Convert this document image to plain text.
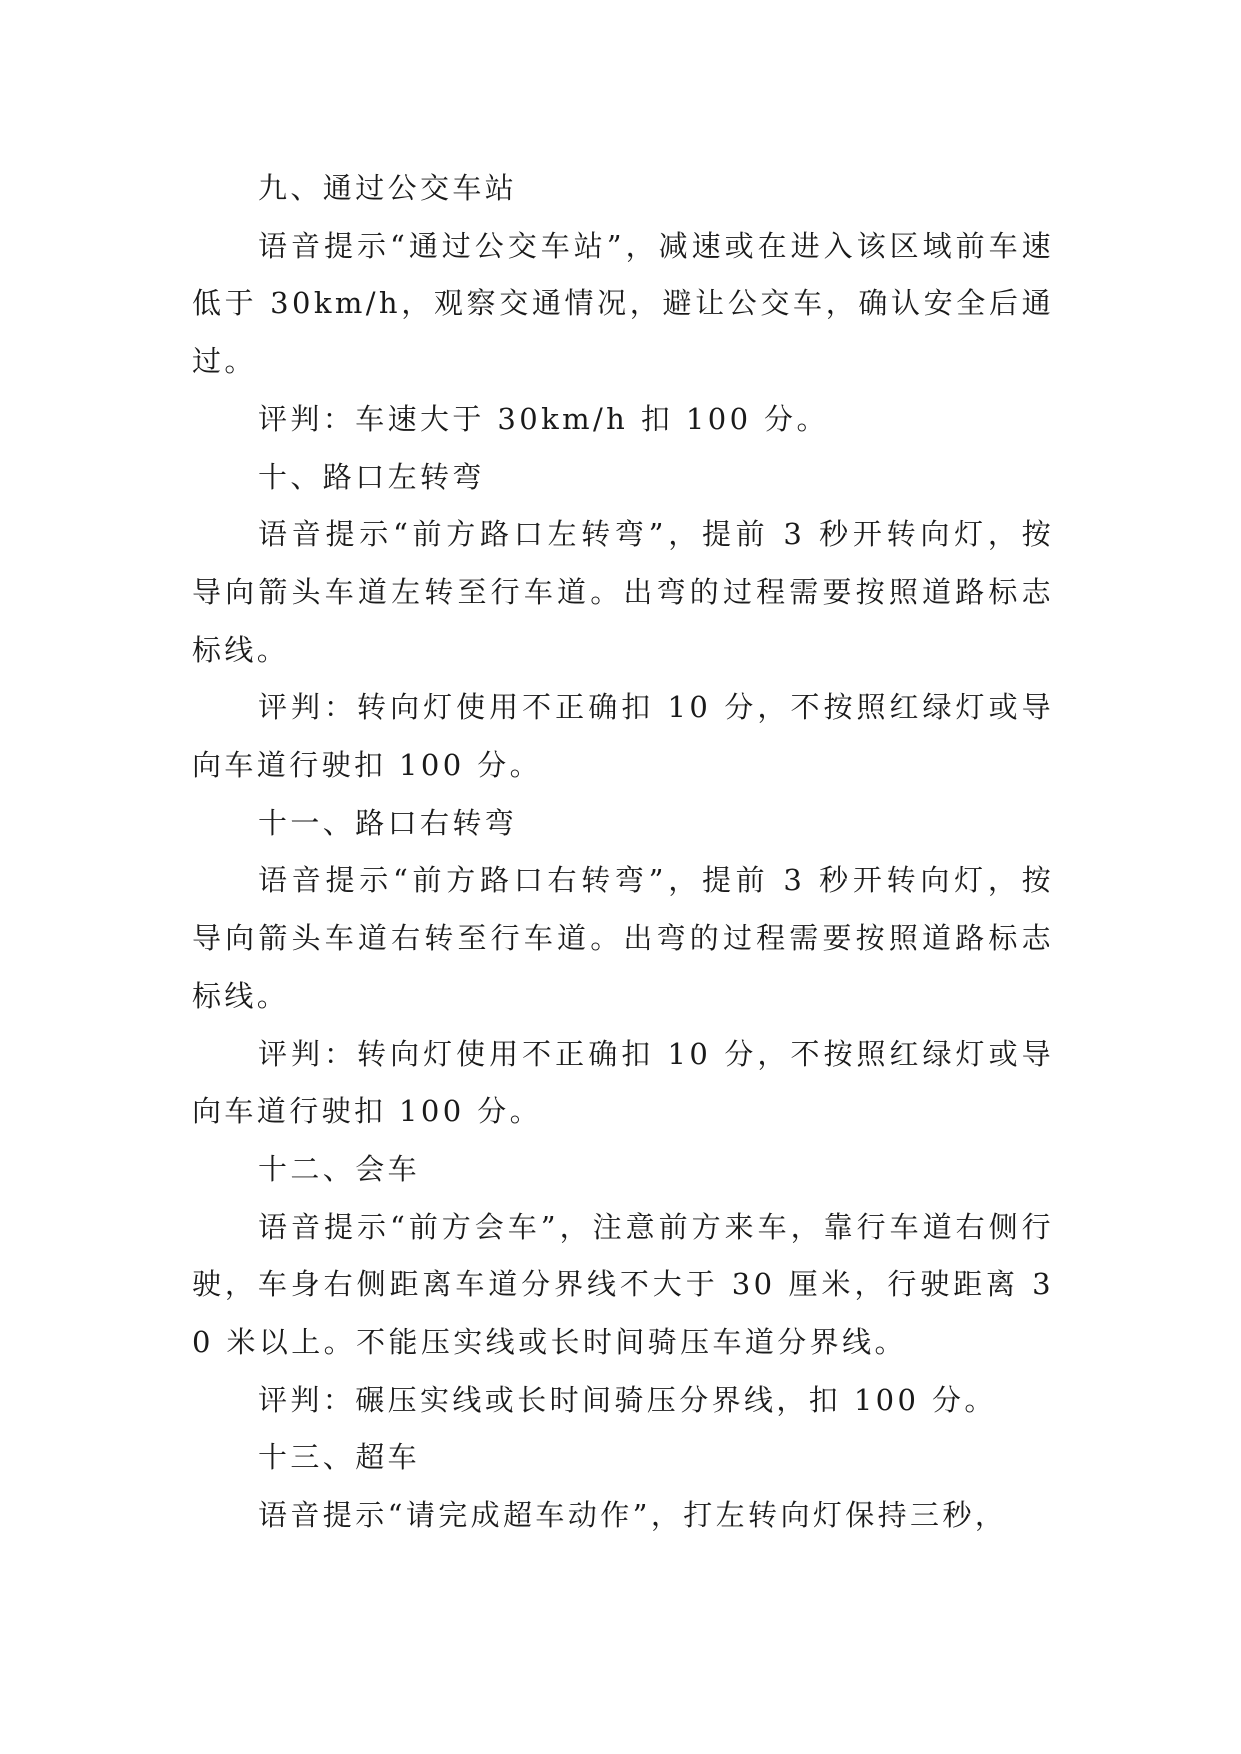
九、通过公交车站

语音提示“通过公交车站”，减速或在进入该区域前车速低于 30km/h，观察交通情况，避让公交车，确认安全后通过。

评判：车速大于 30km/h 扣 100 分。

十、路口左转弯

语音提示“前方路口左转弯”，提前 3 秒开转向灯，按导向箭头车道左转至行车道。出弯的过程需要按照道路标志标线。

评判：转向灯使用不正确扣 10 分，不按照红绿灯或导向车道行驶扣 100 分。

十一、路口右转弯

语音提示“前方路口右转弯”，提前 3 秒开转向灯，按导向箭头车道右转至行车道。出弯的过程需要按照道路标志标线。

评判：转向灯使用不正确扣 10 分，不按照红绿灯或导向车道行驶扣 100 分。

十二、会车

语音提示“前方会车”，注意前方来车，靠行车道右侧行驶，车身右侧距离车道分界线不大于 30 厘米，行驶距离 30 米以上。不能压实线或长时间骑压车道分界线。

评判：碾压实线或长时间骑压分界线，扣 100 分。

十三、超车

语音提示“请完成超车动作”，打左转向灯保持三秒，
